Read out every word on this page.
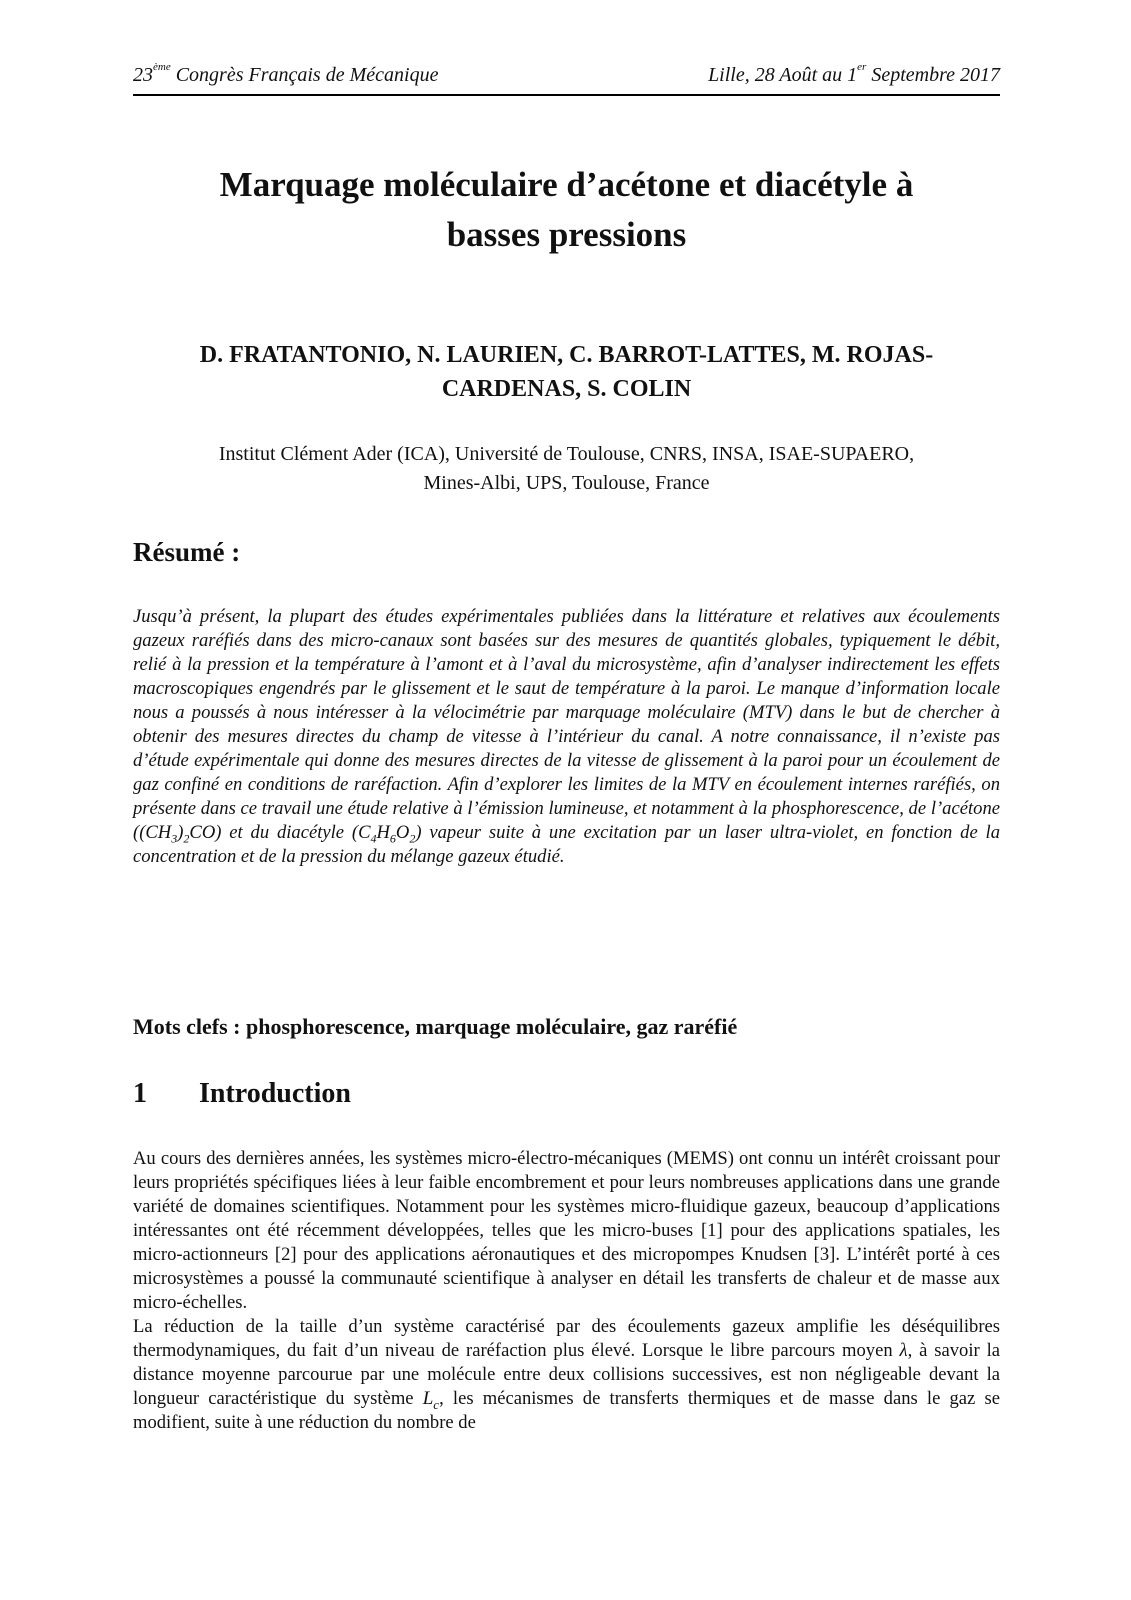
23ème Congrès Français de Mécanique	Lille, 28 Août au 1er Septembre 2017
Marquage moléculaire d’acétone et diacétyle à
basses pressions
D. FRATANTONIO, N. LAURIEN, C. BARROT-LATTES, M. ROJAS-
CARDENAS, S. COLIN
Institut Clément Ader (ICA), Université de Toulouse, CNRS, INSA, ISAE-SUPAERO,
Mines-Albi, UPS, Toulouse, France
Résumé :
Jusqu’à présent, la plupart des études expérimentales publiées dans la littérature et relatives aux écoulements gazeux raréfiés dans des micro-canaux sont basées sur des mesures de quantités globales, typiquement le débit, relié à la pression et la température à l’amont et à l’aval du microsystème, afin d’analyser indirectement les effets macroscopiques engendrés par le glissement et le saut de température à la paroi. Le manque d’information locale nous a poussés à nous intéresser à la vélocimétrie par marquage moléculaire (MTV) dans le but de chercher à obtenir des mesures directes du champ de vitesse à l’intérieur du canal. A notre connaissance, il n’existe pas d’étude expérimentale qui donne des mesures directes de la vitesse de glissement à la paroi pour un écoulement de gaz confiné en conditions de raréfaction. Afin d’explorer les limites de la MTV en écoulement internes raréfiés, on présente dans ce travail une étude relative à l’émission lumineuse, et notamment à la phosphorescence, de l’acétone $((CH_3)_2CO)$ et du diacétyle $(C_4H_6O_2)$ vapeur suite à une excitation par un laser ultra-violet, en fonction de la concentration et de la pression du mélange gazeux étudié.
Mots clefs : phosphorescence, marquage moléculaire, gaz raréfié
1 Introduction

Au cours des dernières années, les systèmes micro-électro-mécaniques (MEMS) ont connu un intérêt croissant pour leurs propriétés spécifiques liées à leur faible encombrement et pour leurs nombreuses applications dans une grande variété de domaines scientifiques. Notamment pour les systèmes micro-fluidique gazeux, beaucoup d’applications intéressantes ont été récemment développées, telles que les micro-buses [1] pour des applications spatiales, les micro-actionneurs [2] pour des applications aéronautiques et des micropompes Knudsen [3]. L’intérêt porté à ces microsystèmes a poussé la communauté scientifique à analyser en détail les transferts de chaleur et de masse aux micro-échelles.

La réduction de la taille d’un système caractérisé par des écoulements gazeux amplifie les déséquilibres thermodynamiques, du fait d’un niveau de raréfaction plus élevé. Lorsque le libre parcours moyen λ, à savoir la distance moyenne parcourue par une molécule entre deux collisions successives, est non négligeable devant la longueur caractéristique du système $L_c$, les mécanismes de transferts thermiques et de masse dans le gaz se modifient, suite à une réduction du nombre de
